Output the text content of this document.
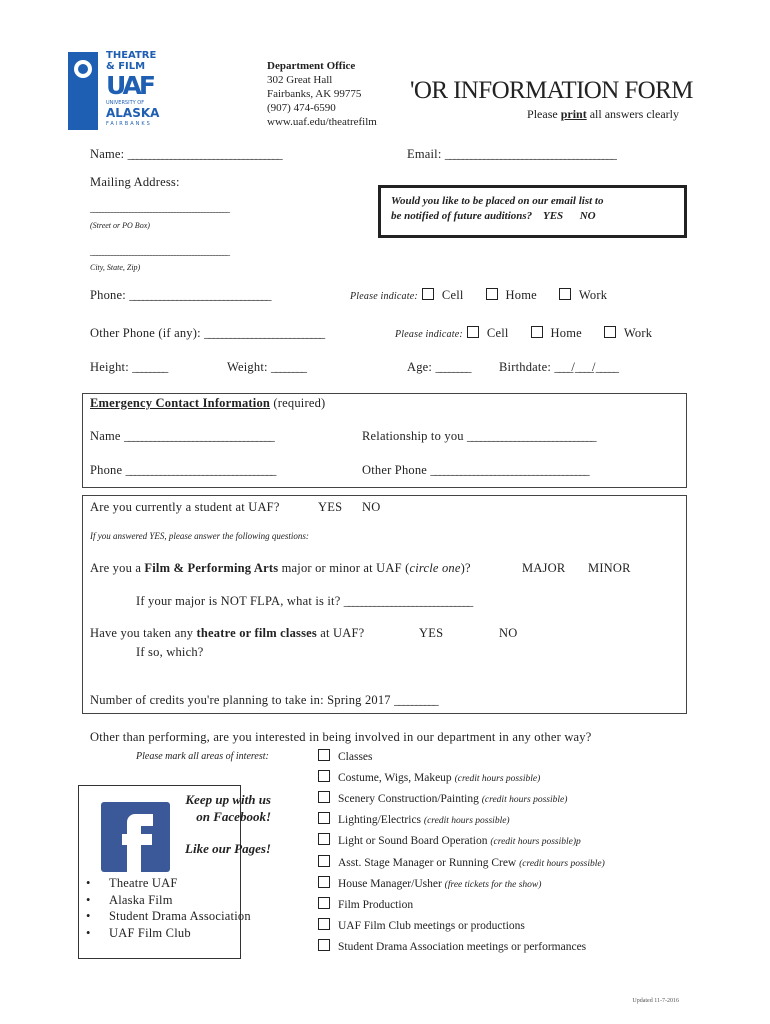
THEATRE
& FILM
UAF
UNIVERSITY OF
ALASKA
FAIRBANKS
Department Office
302 Great Hall
Fairbanks, AK 99775
(907) 474-6590
www.uaf.edu/theatrefilm
'OR INFORMATION FORM
Please print all answers clearly
Name: ____________________________________	Email: ________________________________________
Mailing Address:
______________________________________________
(Street or PO Box)
______________________________________________
City, State, Zip)
Would you like to be placed on our email list to
be notified of future auditions? YES NO
Phone: _________________________________	Please indicate: Cell	Home	Work
Other Phone (if any): ____________________________	Please indicate: Cell	Home	Work
Height: ________	Weight: ________	Age: ________ Birthdate: ____/____/_____
Emergency Contact Information (required)
Name ___________________________________	Relationship to you ______________________________
Phone ___________________________________	Other Phone _____________________________________
Are you currently a student at UAF?	YES NO
If you answered YES, please answer the following questions:
Are you a Film & Performing Arts major or minor at UAF (circle one)?	MAJOR MINOR
If your major is NOT FLPA, what is it? ______________________________
Have you taken any theatre or film classes at UAF?	YES	NO
If so, which?
Number of credits you're planning to take in: Spring 2017 __________
Other than performing, are you interested in being involved in our department in any other way?
Please mark all areas of interest:	Classes
Costume, Wigs, Makeup (credit hours possible)
Scenery Construction/Painting (credit hours possible)
Lighting/Electrics (credit hours possible)
Light or Sound Board Operation (credit hours possible)p
Asst. Stage Manager or Running Crew (credit hours possible)
House Manager/Usher (free tickets for the show)
Film Production
UAF Film Club meetings or productions
Student Drama Association meetings or performances
Keep up with us
on Facebook!
Like our Pages!
• Theatre UAF
• Alaska Film
• Student Drama Association
• UAF Film Club
Updated 11-7-2016
